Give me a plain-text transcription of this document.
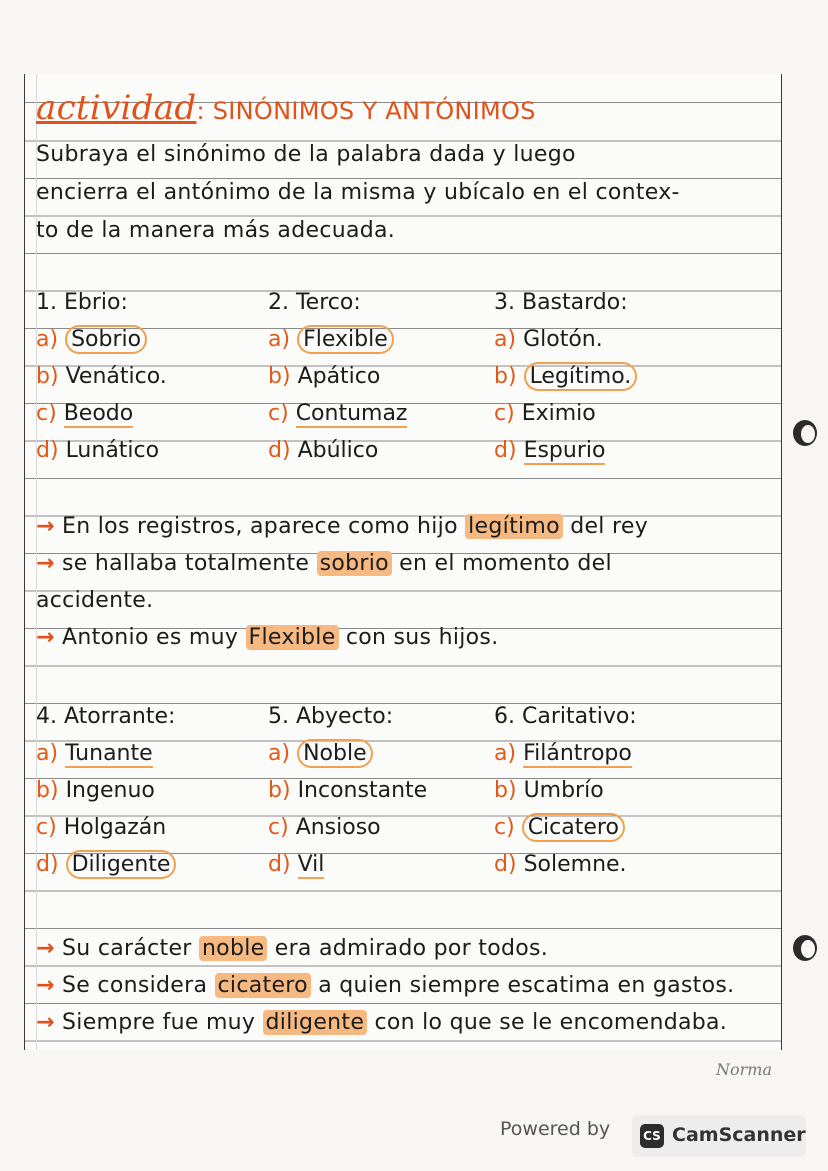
actividad: SINÓNIMOS Y ANTÓNIMOS
Subraya el sinónimo de la palabra dada y luego
encierra el antónimo de la misma y ubícalo en el contex-
to de la manera más adecuada.
1. Ebrio:
a) Sobrio
b) Venático.
c) Beodo
d) Lunático
2. Terco:
a) Flexible
b) Apático
c) Contumaz
d) Abúlico
3. Bastardo:
a) Glotón.
b) Legítimo.
c) Eximio
d) Espurio
→ En los registros, aparece como hijo legítimo del rey
→ se hallaba totalmente sobrio en el momento del
accidente.
→ Antonio es muy Flexible con sus hijos.
4. Atorrante:
a) Tunante
b) Ingenuo
c) Holgazán
d) Diligente
5. Abyecto:
a) Noble
b) Inconstante
c) Ansioso
d) Vil
6. Caritativo:
a) Filántropo
b) Umbrío
c) Cicatero
d) Solemne.
→ Su carácter noble era admirado por todos.
→ Se considera cicatero a quien siempre escatima en gastos.
→ Siempre fue muy diligente con lo que se le encomendaba.
Norma
Powered by	CS CamScanner
